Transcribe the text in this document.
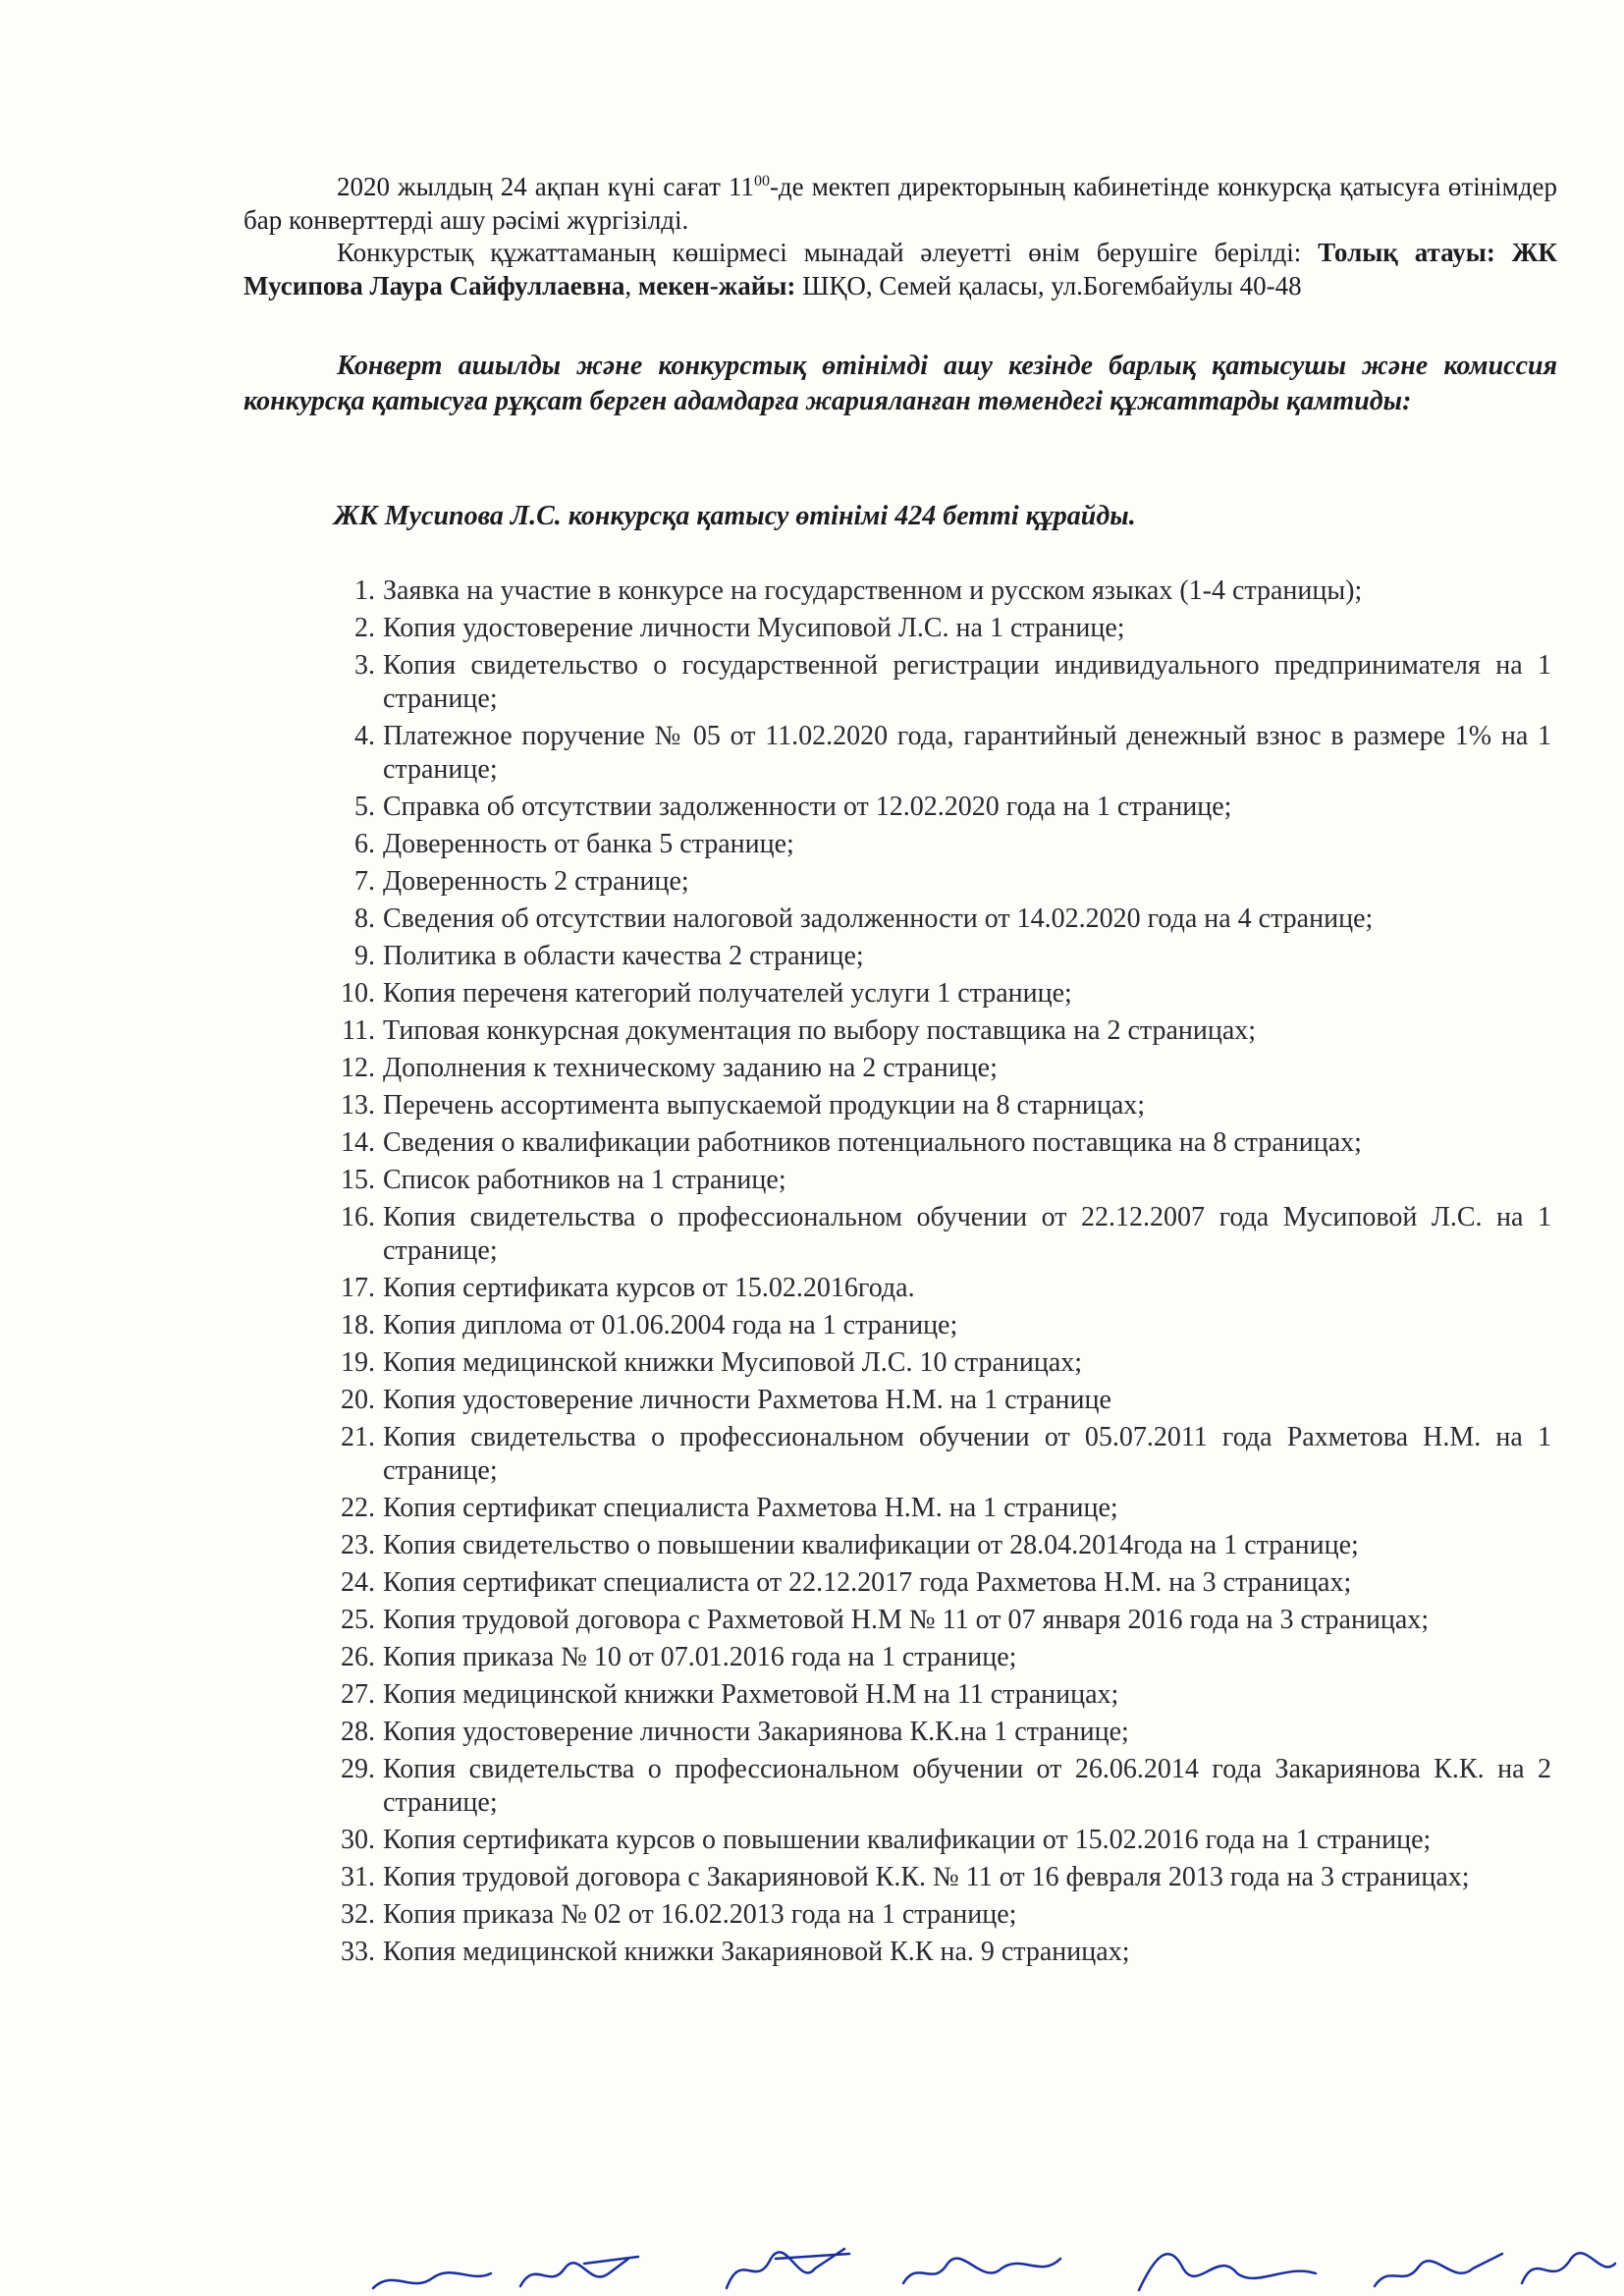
2020 жылдың 24 ақпан күні сағат $11^{00}-де$ мектеп директорының кабинетінде конкурсқа қатысуға өтінімдер бар конверттерді ашу рәсімі жүргізілді.
Конкурстық құжаттаманың көшірмесі мынадай әлеуетті өнім берушіге берілді: Толық атауы: ЖК Мусипова Лаура Сайфуллаевна, мекен-жайы: ШҚО, Семей қаласы, ул.Богембайулы 40-48
Конверт ашылды және конкурстық өтінімді ашу кезінде барлық қатысушы және комиссия конкурсқа қатысуға рұқсат берген адамдарға жарияланған төмендегі құжаттарды қамтиды:
ЖК Мусипова Л.С. конкурсқа қатысу өтінімі 424 бетті құрайды.
1. Заявка на участие в конкурсе на государственном и русском языках (1-4 страницы);
2. Копия удостоверение личности Мусиповой Л.С. на 1 странице;
3. Копия свидетельство о государственной регистрации индивидуального предпринимателя на 1 странице;
4. Платежное поручение № 05 от 11.02.2020 года, гарантийный денежный взнос в размере 1% на 1 странице;
5. Справка об отсутствии задолженности от 12.02.2020 года на 1 странице;
6. Доверенность от банка 5 странице;
7. Доверенность 2 странице;
8. Сведения об отсутствии налоговой задолженности от 14.02.2020 года на 4 странице;
9. Политика в области качества 2 странице;
10. Копия переченя категорий получателей услуги 1 странице;
11. Типовая конкурсная документация по выбору поставщика на 2 страницах;
12. Дополнения к техническому заданию на 2 странице;
13. Перечень ассортимента выпускаемой продукции на 8 старницах;
14. Сведения о квалификации работников потенциального поставщика на 8 страницах;
15. Список работников на 1 странице;
16. Копия свидетельства о профессиональном обучении от 22.12.2007 года Мусиповой Л.С. на 1 странице;
17. Копия сертификата курсов от 15.02.2016года.
18. Копия диплома от 01.06.2004 года на 1 странице;
19. Копия медицинской книжки Мусиповой Л.С. 10 страницах;
20. Копия удостоверение личности Рахметова Н.М. на 1 странице
21. Копия свидетельства о профессиональном обучении от 05.07.2011 года Рахметова Н.М. на 1 странице;
22. Копия сертификат специалиста Рахметова Н.М. на 1 странице;
23. Копия свидетельство о повышении квалификации от 28.04.2014года на 1 странице;
24. Копия сертификат специалиста от 22.12.2017 года Рахметова Н.М. на 3 страницах;
25. Копия трудовой договора с Рахметовой Н.М № 11 от 07 января 2016 года на 3 страницах;
26. Копия приказа № 10 от 07.01.2016 года на 1 странице;
27. Копия медицинской книжки Рахметовой Н.М на 11 страницах;
28. Копия удостоверение личности Закариянова К.К.на 1 странице;
29. Копия свидетельства о профессиональном обучении от 26.06.2014 года Закариянова К.К. на 2 странице;
30. Копия сертификата курсов о повышении квалификации от 15.02.2016 года на 1 странице;
31. Копия трудовой договора с Закарияновой К.К. № 11 от 16 февраля 2013 года на 3 страницах;
32. Копия приказа № 02 от 16.02.2013 года на 1 странице;
33. Копия медицинской книжки Закарияновой К.К на. 9 страницах;
